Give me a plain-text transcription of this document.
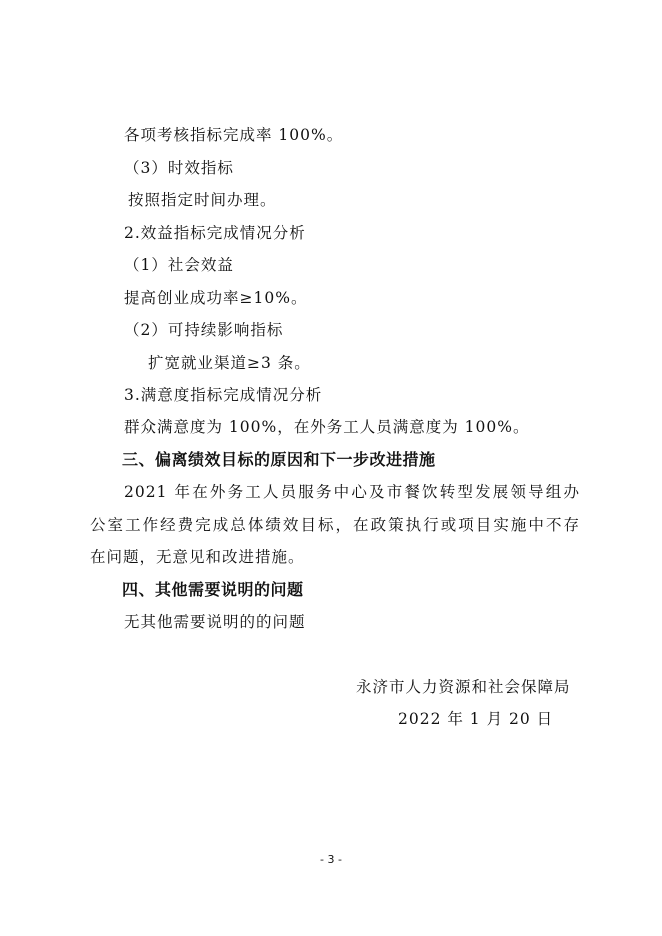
各项考核指标完成率 100%。
（3）时效指标
按照指定时间办理。
2.效益指标完成情况分析
（1）社会效益
提高创业成功率≥10%。
（2）可持续影响指标
扩宽就业渠道≥3 条。
3.满意度指标完成情况分析
群众满意度为 100%，在外务工人员满意度为 100%。
三、偏离绩效目标的原因和下一步改进措施
2021 年在外务工人员服务中心及市餐饮转型发展领导组办
公室工作经费完成总体绩效目标，在政策执行或项目实施中不存
在问题，无意见和改进措施。
四、其他需要说明的问题
无其他需要说明的的问题
永济市人力资源和社会保障局
2022 年 1 月 20 日
- 3 -
